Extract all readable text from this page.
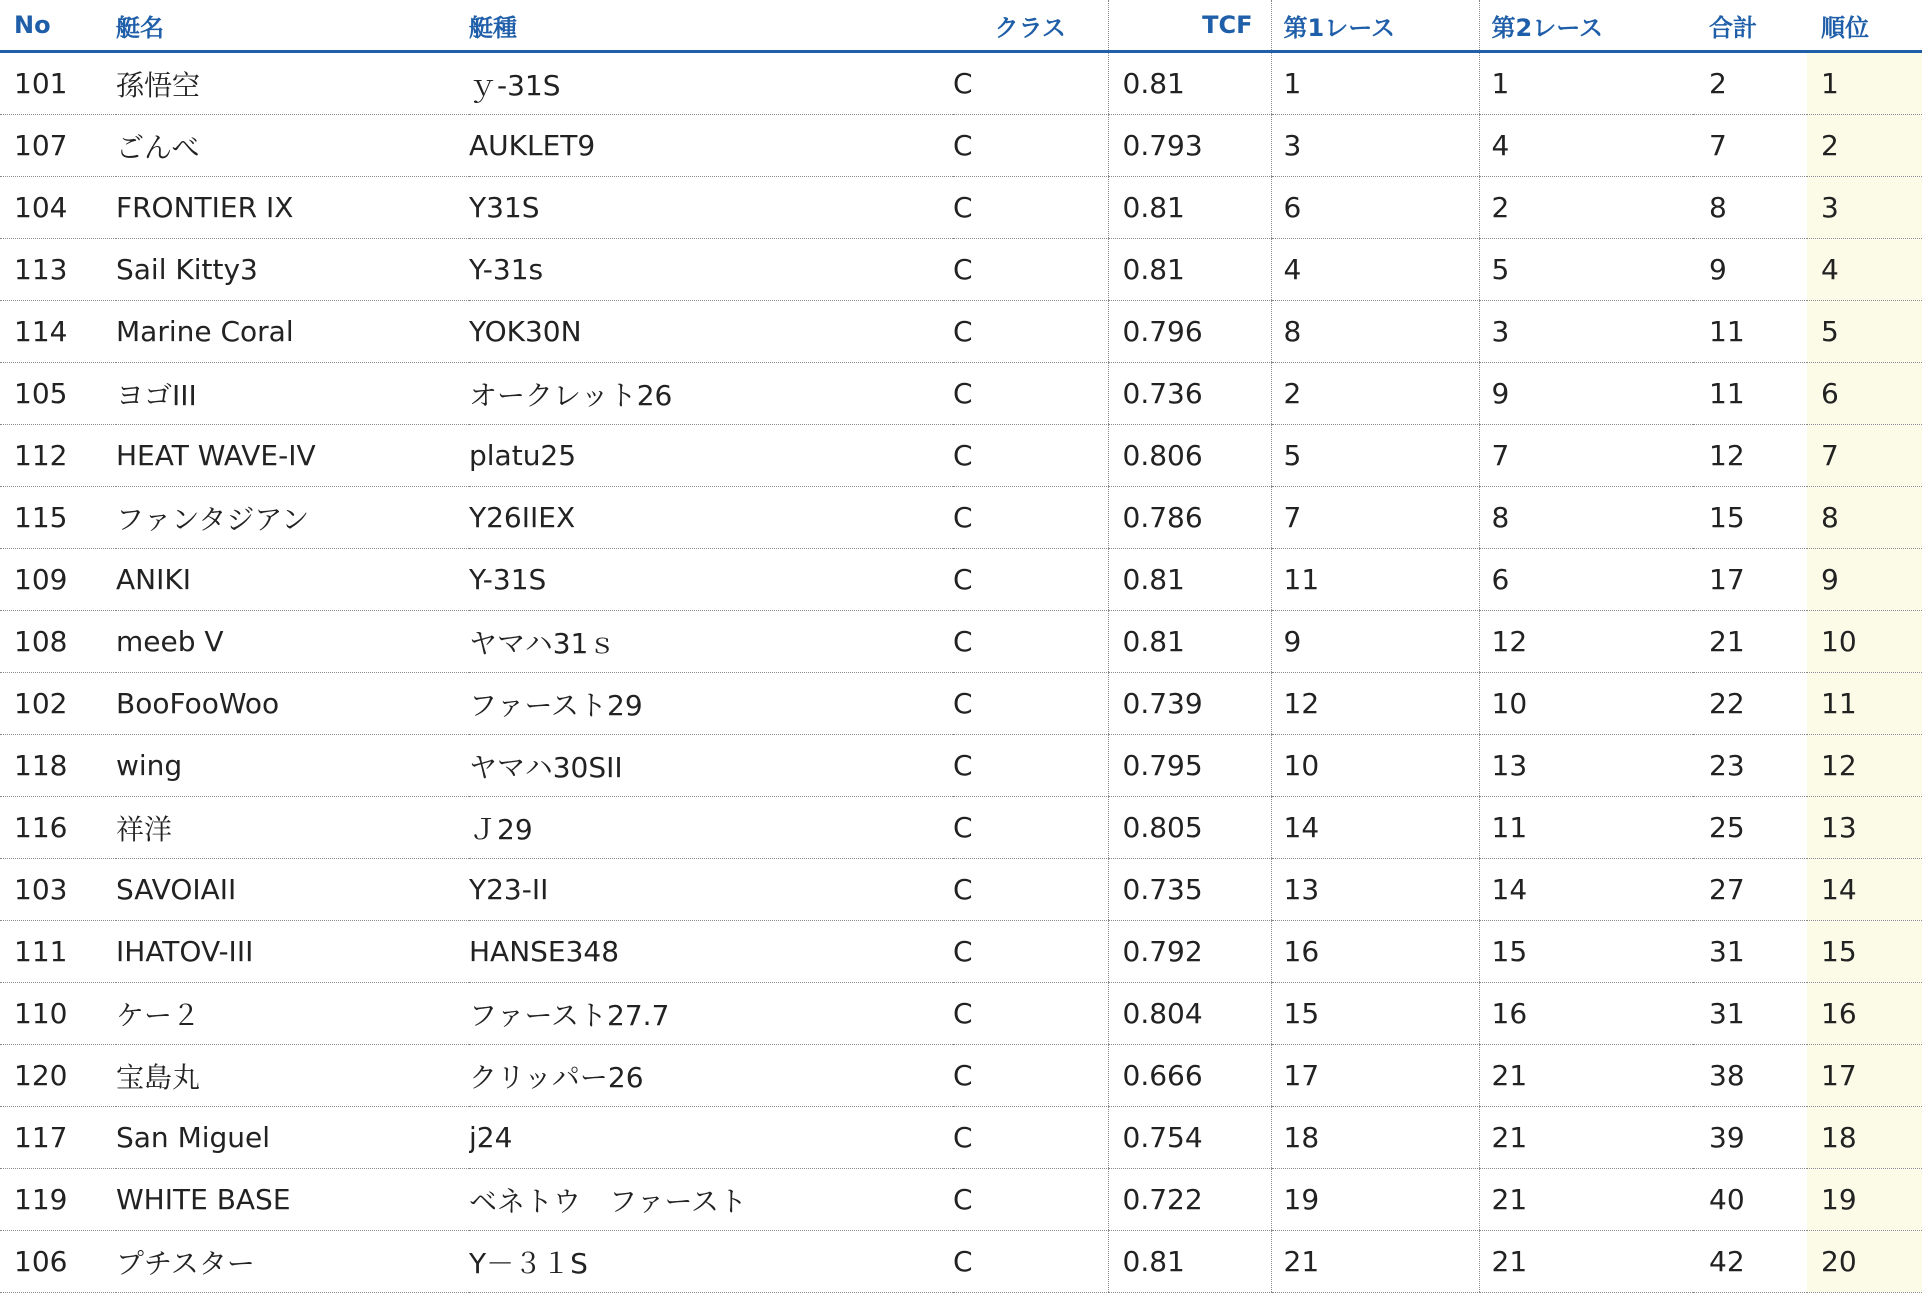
No	艇名	艇種	クラス	TCF	第1レース	第2レース	合計	順位
101	孫悟空	ｙ-31S	C	0.81	1	1	2	1
107	ごんべ	AUKLET9	C	0.793	3	4	7	2
104	FRONTIER IX	Y31S	C	0.81	6	2	8	3
113	Sail Kitty3	Y-31s	C	0.81	4	5	9	4
114	Marine Coral	YOK30N	C	0.796	8	3	11	5
105	ヨゴIII	オークレット26	C	0.736	2	9	11	6
112	HEAT WAVE-IV	platu25	C	0.806	5	7	12	7
115	ファンタジアン	Y26IIEX	C	0.786	7	8	15	8
109	ANIKI	Y-31S	C	0.81	11	6	17	9
108	meeb V	ヤマハ31ｓ	C	0.81	9	12	21	10
102	BooFooWoo	ファースト29	C	0.739	12	10	22	11
118	wing	ヤマハ30SII	C	0.795	10	13	23	12
116	祥洋	Ｊ29	C	0.805	14	11	25	13
103	SAVOIAII	Y23-II	C	0.735	13	14	27	14
111	IHATOV-III	HANSE348	C	0.792	16	15	31	15
110	ケー２	ファースト27.7	C	0.804	15	16	31	16
120	宝島丸	クリッパー26	C	0.666	17	21	38	17
117	San Miguel	j24	C	0.754	18	21	39	18
119	WHITE BASE	ベネトウ　ファースト	C	0.722	19	21	40	19
106	プチスター	Y－３１S	C	0.81	21	21	42	20
